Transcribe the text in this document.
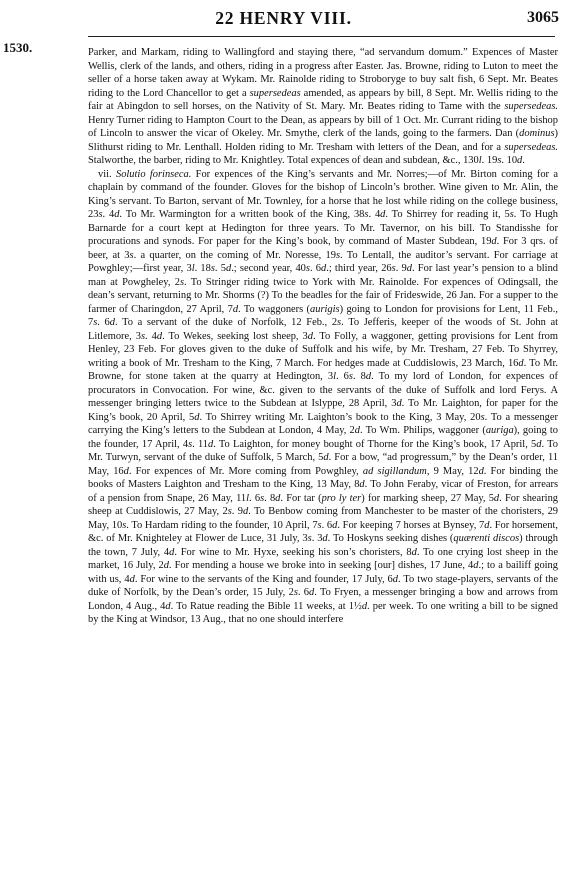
22 HENRY VIII.	3065
1530.	Parker, and Markam, riding to Wallingford and staying there, “ad servandum domum.” Expences of Master Wellis, clerk of the lands, and others, riding in a progress after Easter. Jas. Browne, riding to Luton to meet the seller of a horse taken away at Wykam. Mr. Rainolde riding to Stroboryge to buy salt fish, 6 Sept. Mr. Beates riding to the Lord Chancellor to get a supersedeas amended, as appears by bill, 8 Sept. Mr. Wellis riding to the fair at Abingdon to sell horses, on the Nativity of St. Mary. Mr. Beates riding to Tame with the supersedeas. Henry Turner riding to Hampton Court to the Dean, as appears by bill of 1 Oct. Mr. Currant riding to the bishop of Lincoln to answer the vicar of Okeley. Mr. Smythe, clerk of the lands, going to the farmers. Dan (dominus) Slithurst riding to Mr. Lenthall. Holden riding to Mr. Tresham with letters of the Dean, and for a supersedeas. Stalworthe, the barber, riding to Mr. Knightley. Total expences of dean and subdean, &c., 130l. 19s. 10d.

vii. Solutio forinseca. For expences of the King’s servants and Mr. Norres;—of Mr. Birton coming for a chaplain by command of the founder. Gloves for the bishop of Lincoln’s brother. Wine given to Mr. Alin, the King’s servant. To Barton, servant of Mr. Townley, for a horse that he lost while riding on the college business, 23s. 4d. To Mr. Warmington for a written book of the King, 38s. 4d. To Shirrey for reading it, 5s. To Hugh Barnarde for a court kept at Hedington for three years. To Mr. Tavernor, on his bill. To Standisshe for procurations and synods. For paper for the King’s book, by command of Master Subdean, 19d. For 3 qrs. of beer, at 3s. a quarter, on the coming of Mr. Noresse, 19s. To Lentall, the auditor’s servant. For carriage at Powghley;—first year, 3l. 18s. 5d.; second year, 40s. 6d.; third year, 26s. 9d. For last year’s pension to a blind man at Powgheley, 2s. To Stringer riding twice to York with Mr. Rainolde. For expences of Odingsall, the dean’s servant, returning to Mr. Shorms (?) To the beadles for the fair of Frideswide, 26 Jan. For a supper to the farmer of Charingdon, 27 April, 7d. To waggoners (aurigis) going to London for provisions for Lent, 11 Feb., 7s. 6d. To a servant of the duke of Norfolk, 12 Feb., 2s. To Jefferis, keeper of the woods of St. John at Litlemore, 3s. 4d. To Wekes, seeking lost sheep, 3d. To Folly, a waggoner, getting provisions for Lent from Henley, 23 Feb. For gloves given to the duke of Suffolk and his wife, by Mr. Tresham, 27 Feb. To Shyrrey, writing a book of Mr. Tresham to the King, 7 March. For hedges made at Cuddislowis, 23 March, 16d. To Mr. Browne, for stone taken at the quarry at Hedington, 3l. 6s. 8d. To my lord of London, for expences of procurators in Convocation. For wine, &c. given to the servants of the duke of Suffolk and lord Ferys. A messenger bringing letters twice to the Subdean at Islyppe, 28 April, 3d. To Mr. Laighton, for paper for the King’s book, 20 April, 5d. To Shirrey writing Mr. Laighton’s book to the King, 3 May, 20s. To a messenger carrying the King’s letters to the Subdean at London, 4 May, 2d. To Wm. Philips, waggoner (auriga), going to the founder, 17 April, 4s. 11d. To Laighton, for money bought of Thorne for the King’s book, 17 April, 5d. To Mr. Turwyn, servant of the duke of Suffolk, 5 March, 5d. For a bow, “ad progressum,” by the Dean’s order, 11 May, 16d. For expences of Mr. More coming from Powghley, ad sigillandum, 9 May, 12d. For binding the books of Masters Laighton and Tresham to the King, 13 May, 8d. To John Feraby, vicar of Freston, for arrears of a pension from Snape, 26 May, 11l. 6s. 8d. For tar (pro ly ter) for marking sheep, 27 May, 5d. For shearing sheep at Cuddislowis, 27 May, 2s. 9d. To Benbow coming from Manchester to be master of the choristers, 29 May, 10s. To Hardam riding to the founder, 10 April, 7s. 6d. For keeping 7 horses at Bynsey, 7d. For horsement, &c. of Mr. Knighteley at Flower de Luce, 31 July, 3s. 3d. To Hoskyns seeking dishes (quærenti discos) through the town, 7 July, 4d. For wine to Mr. Hyxe, seeking his son’s choristers, 8d. To one crying lost sheep in the market, 16 July, 2d. For mending a house we broke into in seeking [our] dishes, 17 June, 4d.; to a bailiff going with us, 4d. For wine to the servants of the King and founder, 17 July, 6d. To two stage-players, servants of the duke of Norfolk, by the Dean’s order, 15 July, 2s. 6d. To Fryen, a messenger bringing a bow and arrows from London, 4 Aug., 4d. To Ratue reading the Bible 11 weeks, at 1½d. per week. To one writing a bill to be signed by the King at Windsor, 13 Aug., that no one should interfere
